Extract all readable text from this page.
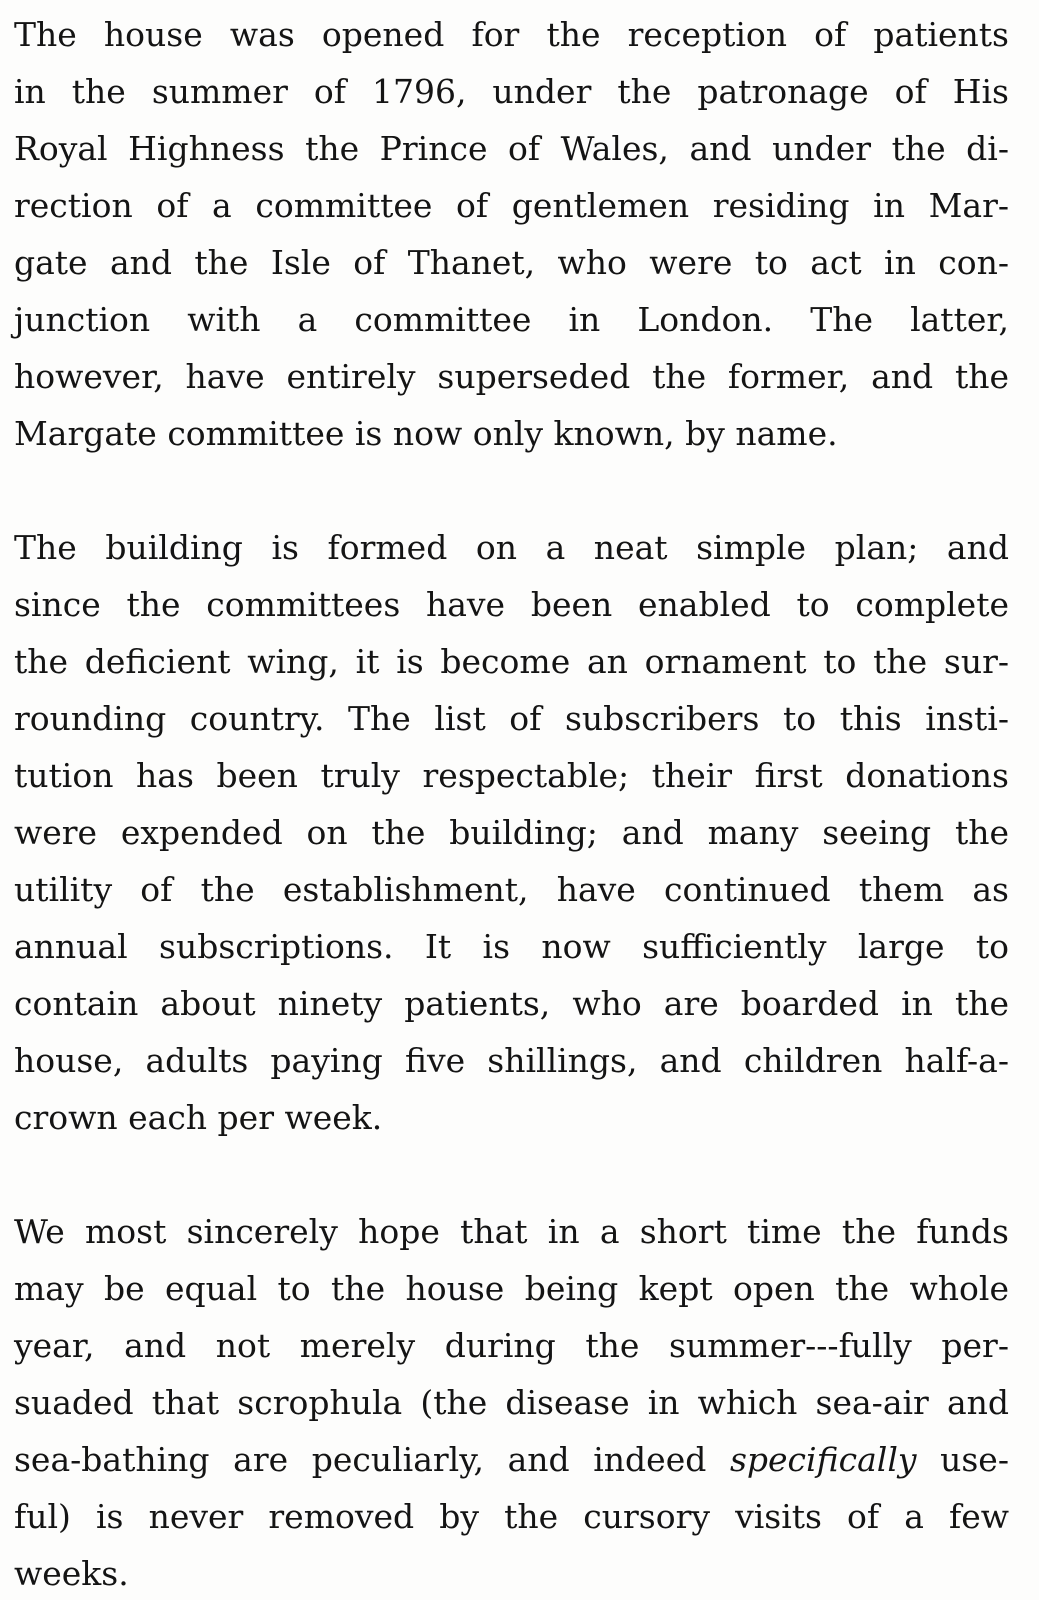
The house was opened for the reception of patients
in the summer of 1796, under the patronage of His
Royal Highness the Prince of Wales, and under the di-
rection of a committee of gentlemen residing in Mar-
gate and the Isle of Thanet, who were to act in con-
junction with a committee in London. The latter,
however, have entirely superseded the former, and the
Margate committee is now only known, by name.
The building is formed on a neat simple plan; and
since the committees have been enabled to complete
the deficient wing, it is become an ornament to the sur-
rounding country. The list of subscribers to this insti-
tution has been truly respectable; their first donations
were expended on the building; and many seeing the
utility of the establishment, have continued them as
annual subscriptions. It is now sufficiently large to
contain about ninety patients, who are boarded in the
house, adults paying five shillings, and children half-a-
crown each per week.
We most sincerely hope that in a short time the funds
may be equal to the house being kept open the whole
year, and not merely during the summer---fully per-
suaded that scrophula (the disease in which sea-air and
sea-bathing are peculiarly, and indeed specifically use-
ful) is never removed by the cursory visits of a few
weeks.
